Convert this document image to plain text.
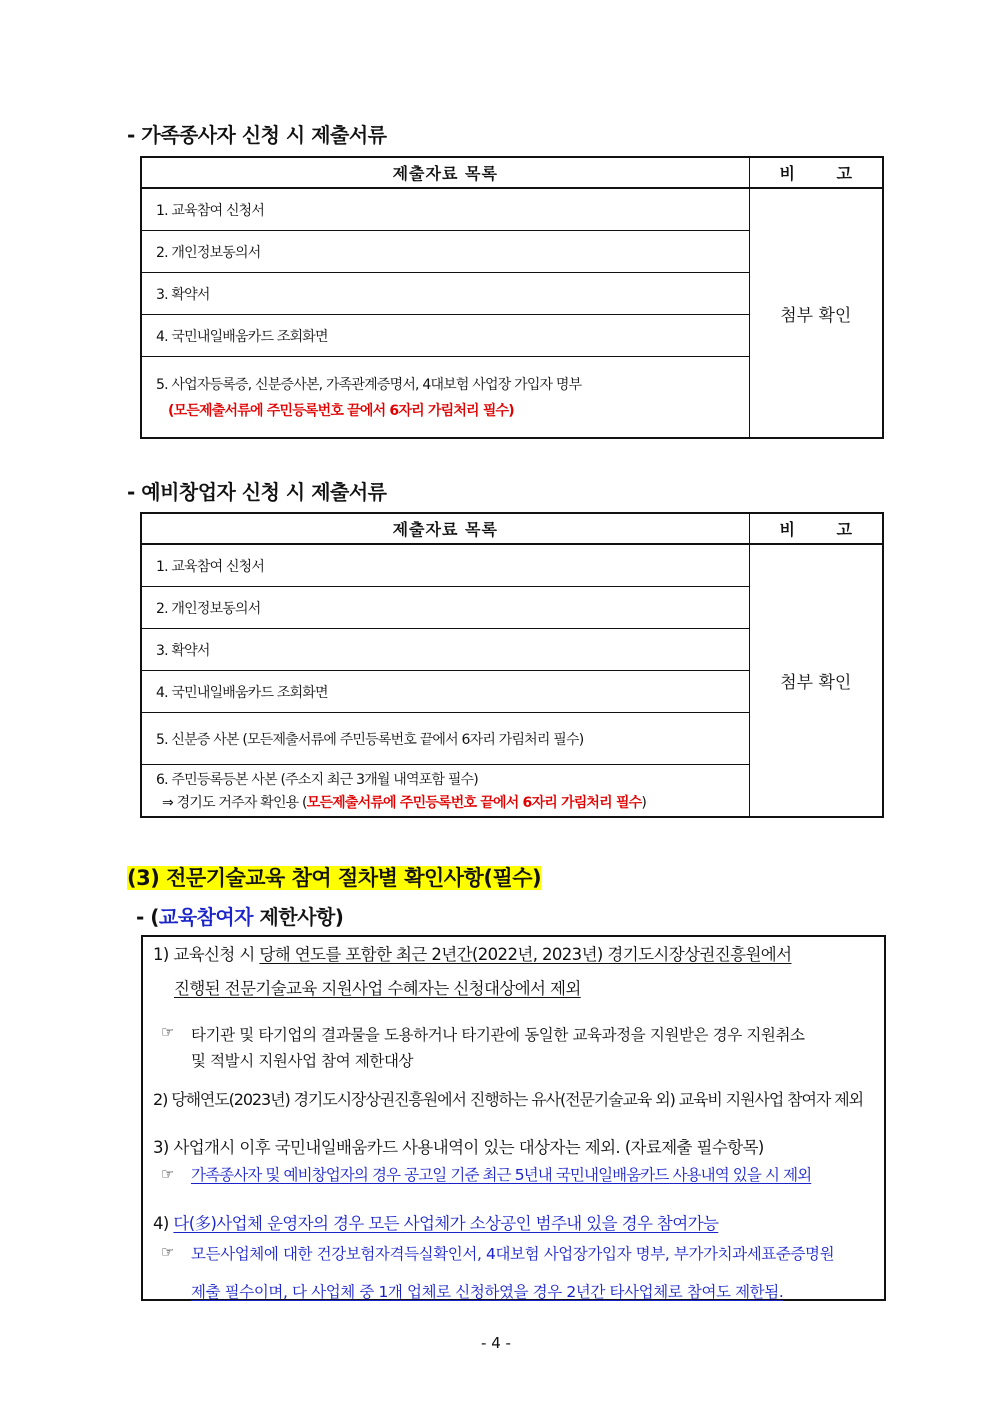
- 가족종사자 신청 시 제출서류
제출자료 목록	비 고
1. 교육참여 신청서	첨부 확인
2. 개인정보동의서	
3. 확약서	
4. 국민내일배움카드 조회화면	

5. 사업자등록증, 신분증사본, 가족관계증명서, 4대보험 사업장 가입자 명부
(모든제출서류에 주민등록번호 끝에서 6자리 가림처리 필수)	
- 예비창업자 신청 시 제출서류
제출자료 목록	비 고
1. 교육참여 신청서	첨부 확인
2. 개인정보동의서	
3. 확약서	
4. 국민내일배움카드 조회화면	
5. 신분증 사본 (모든제출서류에 주민등록번호 끝에서 6자리 가림처리 필수)	

6. 주민등록등본 사본 (주소지 최근 3개월 내역포함 필수)
⇒ 경기도 거주자 확인용 (모든제출서류에 주민등록번호 끝에서 6자리 가림처리 필수)	
(3) 전문기술교육 참여 절차별 확인사항(필수)
- (교육참여자 제한사항)
1) 교육신청 시 당해 연도를 포함한 최근 2년간(2022년, 2023년) 경기도시장상권진흥원에서
진행된 전문기술교육 지원사업 수혜자는 신청대상에서 제외
☞ 타기관 및 타기업의 결과물을 도용하거나 타기관에 동일한 교육과정을 지원받은 경우 지원취소
및 적발시 지원사업 참여 제한대상
2) 당해연도(2023년) 경기도시장상권진흥원에서 진행하는 유사(전문기술교육 외) 교육비 지원사업 참여자 제외
3) 사업개시 이후 국민내일배움카드 사용내역이 있는 대상자는 제외. (자료제출 필수항목)
☞ 가족종사자 및 예비창업자의 경우 공고일 기준 최근 5년내 국민내일배움카드 사용내역 있을 시 제외
4) 다(多)사업체 운영자의 경우 모든 사업체가 소상공인 범주내 있을 경우 참여가능
☞ 모든사업체에 대한 건강보험자격득실확인서, 4대보험 사업장가입자 명부, 부가가치과세표준증명원
제출 필수이며, 다 사업체 중 1개 업체로 신청하였을 경우 2년간 타사업체로 참여도 제한됨.
- 4 -
